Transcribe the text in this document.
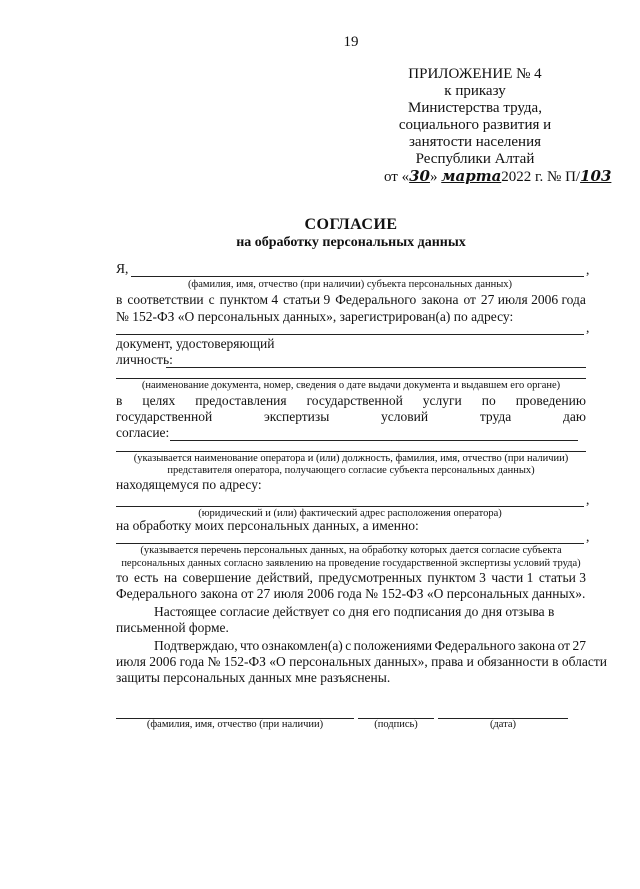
19
ПРИЛОЖЕНИЕ № 4
к приказу
Министерства труда,
социального развития и
занятости населения
Республики Алтай
от «30» марта2022 г. № П/103
СОГЛАСИЕ
на обработку персональных данных
Я,	,
(фамилия, имя, отчество (при наличии) субъекта персональных данных)
в соответствии с пунктом 4 статьи 9 Федерального закона от 27 июля 2006 года
№ 152-ФЗ «О персональных данных», зарегистрирован(а) по адресу:
,
документ, удостоверяющий
личность:
(наименование документа, номер, сведения о дате выдачи документа и выдавшем его органе)
в целях предоставления государственной услуги по проведению
государственной	экспертизы	условий	труда	даю
согласие:
(указывается наименование оператора и (или) должность, фамилия, имя, отчество (при наличии)
представителя оператора, получающего согласие субъекта персональных данных)
находящемуся по адресу:
,
(юридический и (или) фактический адрес расположения оператора)
на обработку моих персональных данных, а именно:
,
(указывается перечень персональных данных, на обработку которых дается согласие субъекта
персональных данных согласно заявлению на проведение государственной экспертизы условий труда)
то есть на совершение действий, предусмотренных пунктом 3 части 1 статьи 3
Федерального закона от 27 июля 2006 года № 152-ФЗ «О персональных данных».
Настоящее согласие действует со дня его подписания до дня отзыва в
письменной форме.
Подтверждаю, что ознакомлен(а) с положениями Федерального закона от 27
июля 2006 года № 152-ФЗ «О персональных данных», права и обязанности в области
защиты персональных данных мне разъяснены.
(фамилия, имя, отчество (при наличии)	(подпись)	(дата)
